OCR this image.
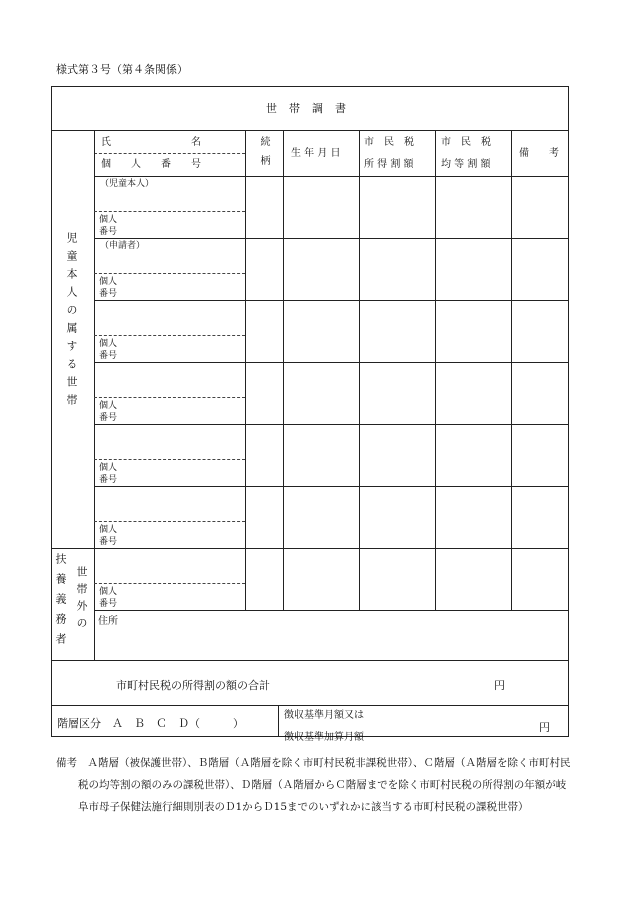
様式第３号（第４条関係）
世帯調書
氏　　　　　　　　名
個　　人　　番　　号	続柄 生 年 月 日
市　民　税
所 得 割 額
市　民　税
均 等 割 額
備　　考
児童本人の属する世帯
扶養義務者 世帯外の
（児童本人）
（申請者）
個人
番号
個人
番号
個人
番号
個人
番号
個人
番号
個人
番号
個人
番号
住所
市町村民税の所得割の額の合計	円
階層区分　Ａ　Ｂ　Ｃ　Ｄ（　　　）
徴収基準月額又は
徴収基準加算月額
円
備考　Ａ階層（被保護世帯）、Ｂ階層（Ａ階層を除く市町村民税非課税世帯）、Ｃ階層（Ａ階層を除く市町村民税の均等割の額のみの課税世帯）、Ｄ階層（Ａ階層からＣ階層までを除く市町村民税の所得割の年額が岐阜市母子保健法施行細則別表のＤ1からＤ15までのいずれかに該当する市町村民税の課税世帯）
